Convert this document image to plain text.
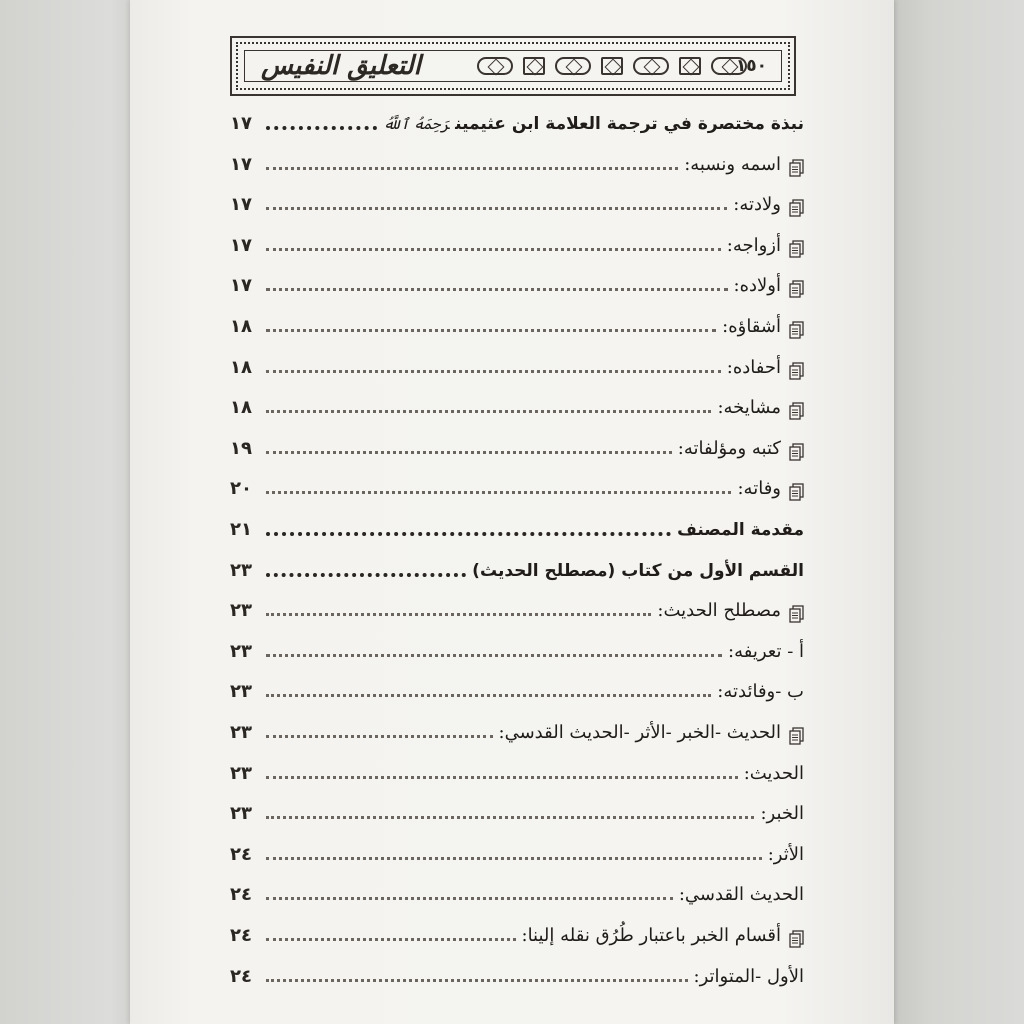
التعليق النفيس	١٥٠
نبذة مختصرة في ترجمة العلامة ابن عثيمينرَحِمَهُ ٱللَّهُ
١٧
اسمه ونسبه:
١٧
ولادته:
١٧
أزواجه:
١٧
أولاده:
١٧
أشقاؤه:
١٨
أحفاده:
١٨
مشايخه:
١٨
كتبه ومؤلفاته:
١٩
وفاته:
٢٠
مقدمة المصنف
٢١
القسم الأول من كتاب (مصطلح الحديث)
٢٣
مصطلح الحديث:
٢٣
أ - تعريفه:
٢٣
ب -وفائدته:
٢٣
الحديث -الخبر -الأثر -الحديث القدسي:
٢٣
الحديث:
٢٣
الخبر:
٢٣
الأثر:
٢٤
الحديث القدسي:
٢٤
أقسام الخبر باعتبار طُرُق نقله إلينا:
٢٤
الأول -المتواتر:
٢٤
